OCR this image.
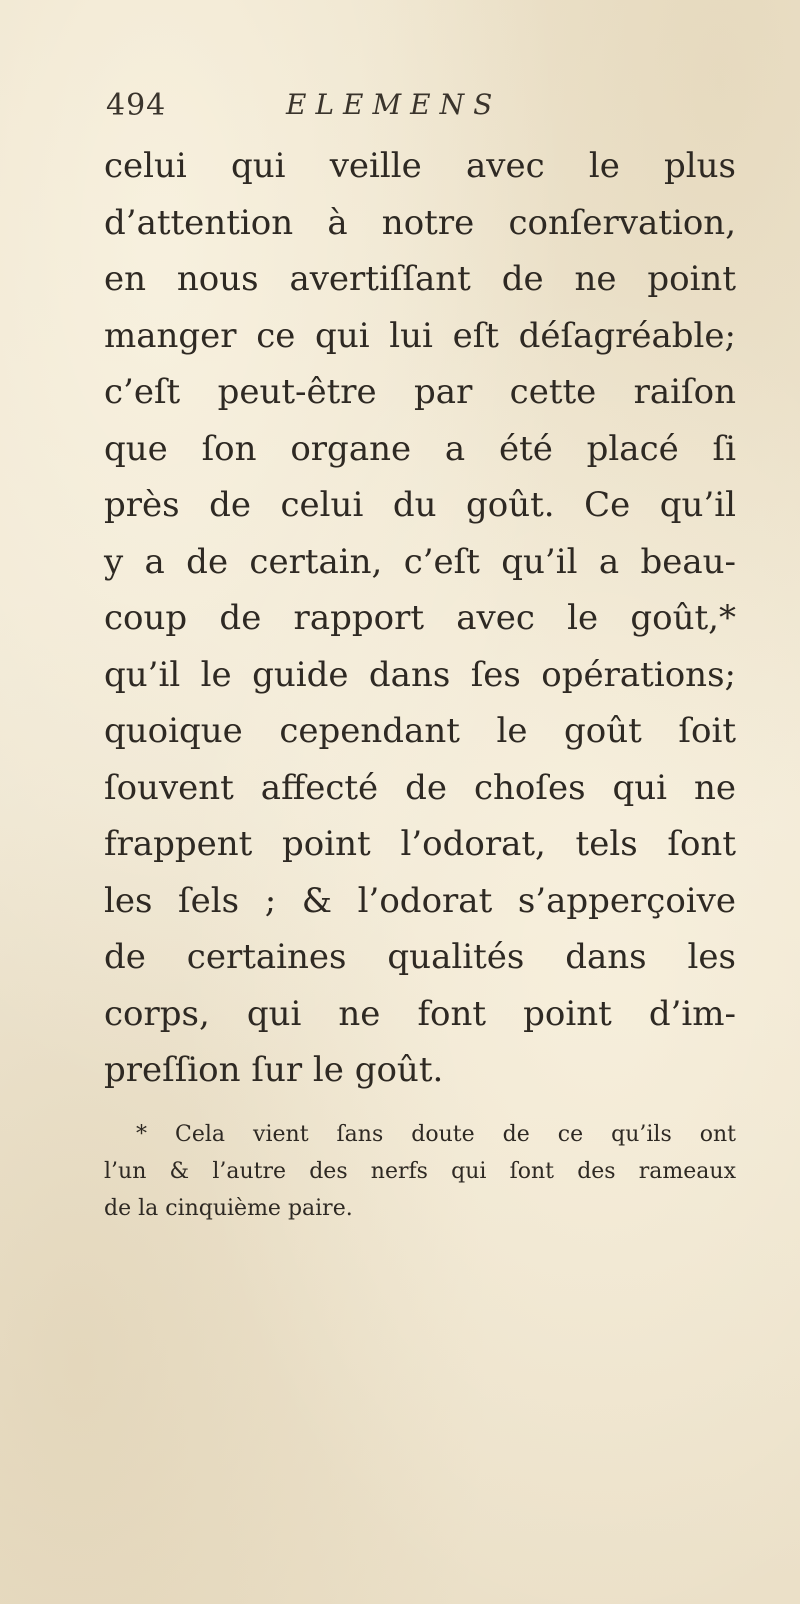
494	ELEMENS
celui qui veille avec le plus
d’attention à notre conſervation,
en nous avertiſſant de ne point
manger ce qui lui eſt déſagréable;
c’eſt peut-être par cette raiſon
que ſon organe a été placé ſi
près de celui du goût. Ce qu’il
y a de certain, c’eſt qu’il a beau-
coup de rapport avec le goût,*
qu’il le guide dans ſes opérations;
quoique cependant le goût ſoit
ſouvent affecté de choſes qui ne
frappent point l’odorat, tels ſont
les ſels ; & l’odorat s’apperçoive
de certaines qualités dans les
corps, qui ne font point d’im-
preſſion ſur le goût.
* Cela vient ſans doute de ce qu’ils ont
l’un & l’autre des nerfs qui ſont des rameaux
de la cinquième paire.
